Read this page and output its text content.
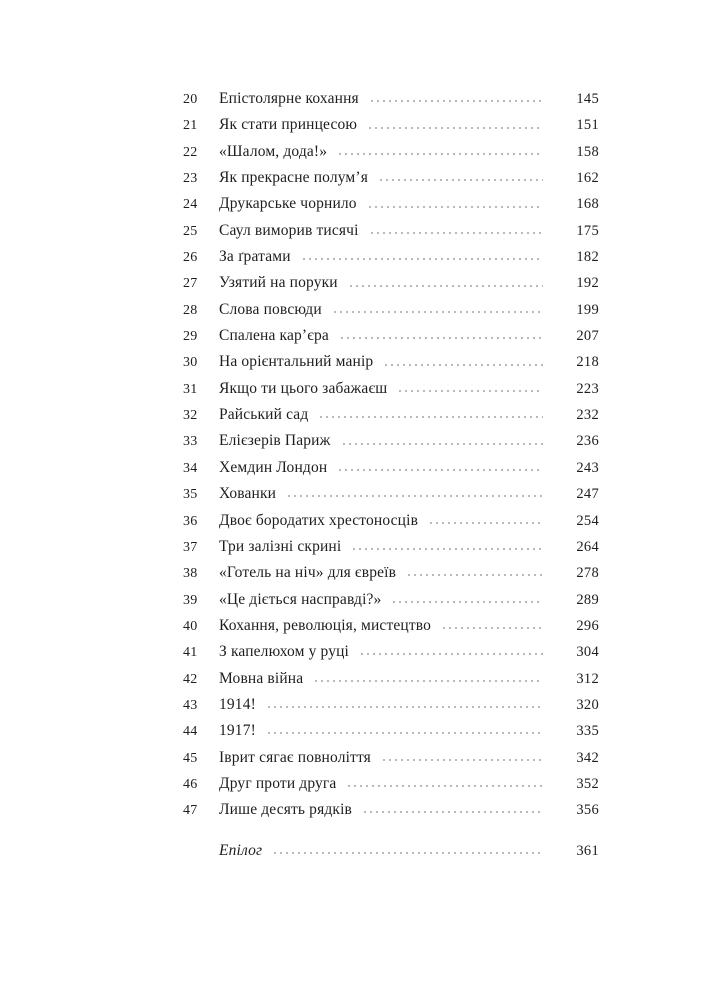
20	Епістолярне кохання	145
21	Як стати принцесою	151
22	«Шалом, дода!»	158
23	Як прекрасне полум’я	162
24	Друкарське чорнило	168
25	Саул виморив тисячі	175
26	За ґратами	182
27	Узятий на поруки	192
28	Слова повсюди	199
29	Спалена кар’єра	207
30	На орієнтальний манір	218
31	Якщо ти цього забажаєш	223
32	Райський сад	232
33	Елієзерів Париж	236
34	Хемдин Лондон	243
35	Хованки	247
36	Двоє бородатих хрестоносців	254
37	Три залізні скрині	264
38	«Готель на ніч» для євреїв	278
39	«Це діється насправді?»	289
40	Кохання, революція, мистецтво	296
41	З капелюхом у руці	304
42	Мовна війна	312
43	1914!	320
44	1917!	335
45	Іврит сягає повноліття	342
46	Друг проти друга	352
47	Лише десять рядків	356
Епілог	361
